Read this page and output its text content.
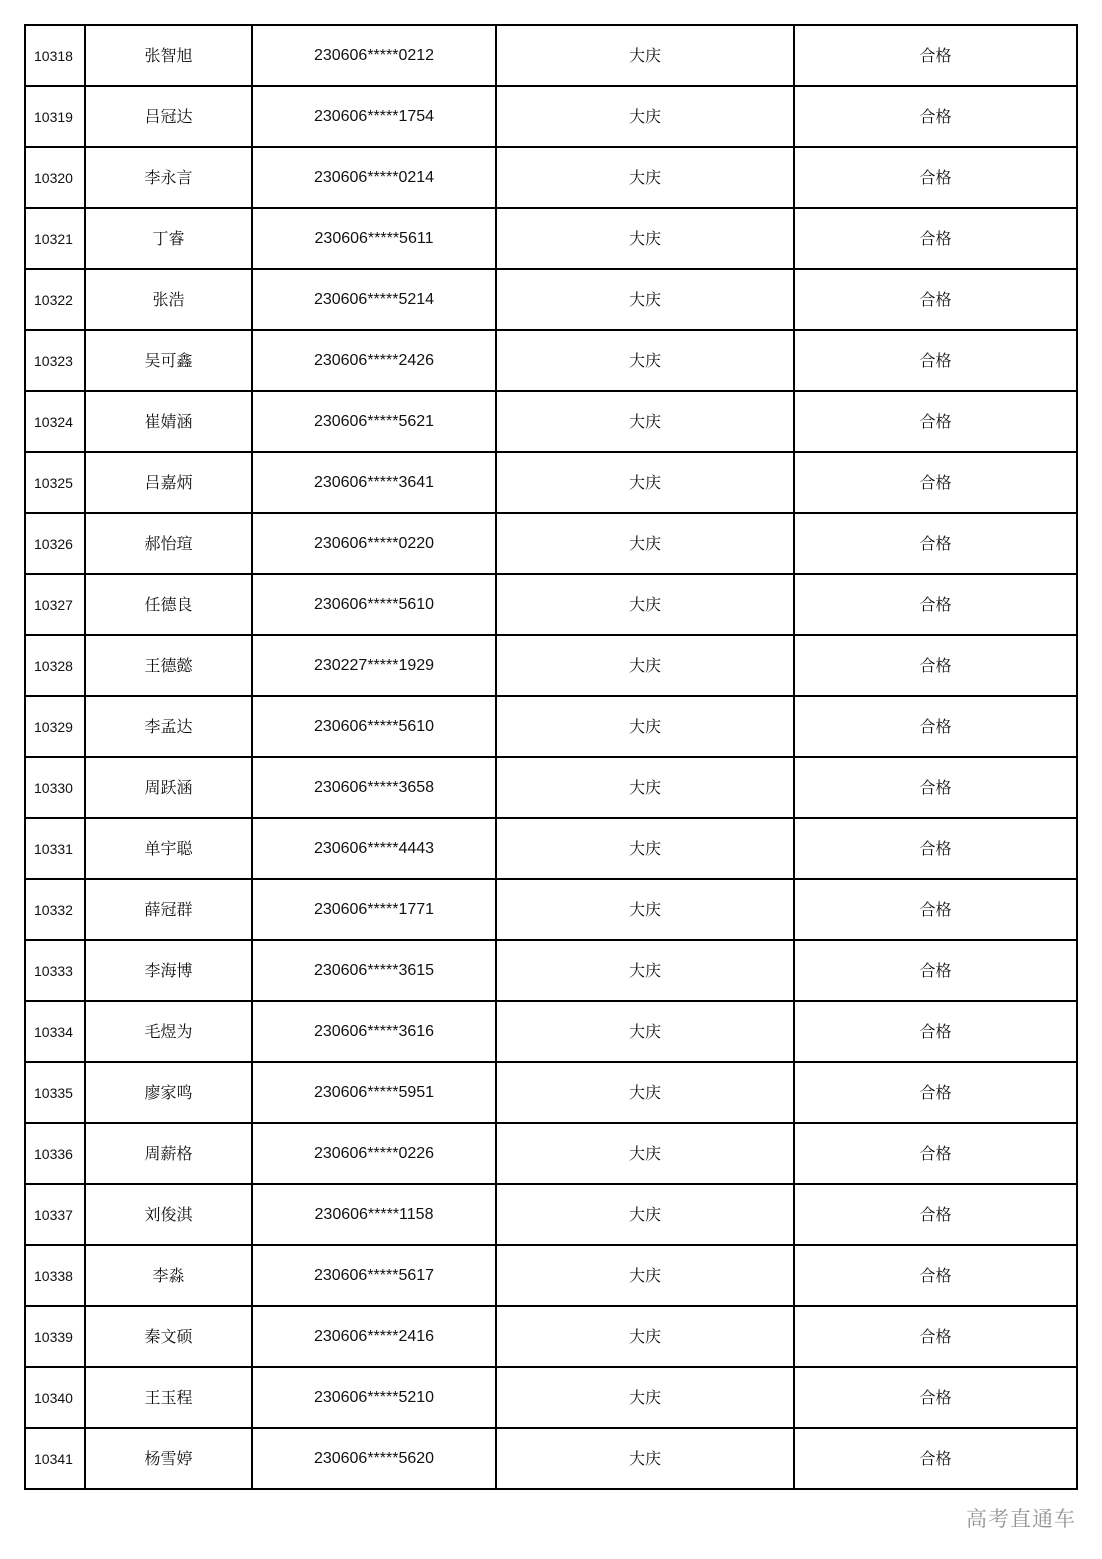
10318	张智旭	230606*****0212	大庆	合格
10319	吕冠达	230606*****1754	大庆	合格
10320	李永言	230606*****0214	大庆	合格
10321	丁睿	230606*****5611	大庆	合格
10322	张浩	230606*****5214	大庆	合格
10323	吴可鑫	230606*****2426	大庆	合格
10324	崔婧涵	230606*****5621	大庆	合格
10325	吕嘉炳	230606*****3641	大庆	合格
10326	郝怡瑄	230606*****0220	大庆	合格
10327	任德良	230606*****5610	大庆	合格
10328	王德懿	230227*****1929	大庆	合格
10329	李孟达	230606*****5610	大庆	合格
10330	周跃涵	230606*****3658	大庆	合格
10331	单宇聪	230606*****4443	大庆	合格
10332	薛冠群	230606*****1771	大庆	合格
10333	李海博	230606*****3615	大庆	合格
10334	毛煜为	230606*****3616	大庆	合格
10335	廖家鸣	230606*****5951	大庆	合格
10336	周薪格	230606*****0226	大庆	合格
10337	刘俊淇	230606*****1158	大庆	合格
10338	李淼	230606*****5617	大庆	合格
10339	秦文硕	230606*****2416	大庆	合格
10340	王玉程	230606*****5210	大庆	合格
10341	杨雪婷	230606*****5620	大庆	合格
高考直通车
